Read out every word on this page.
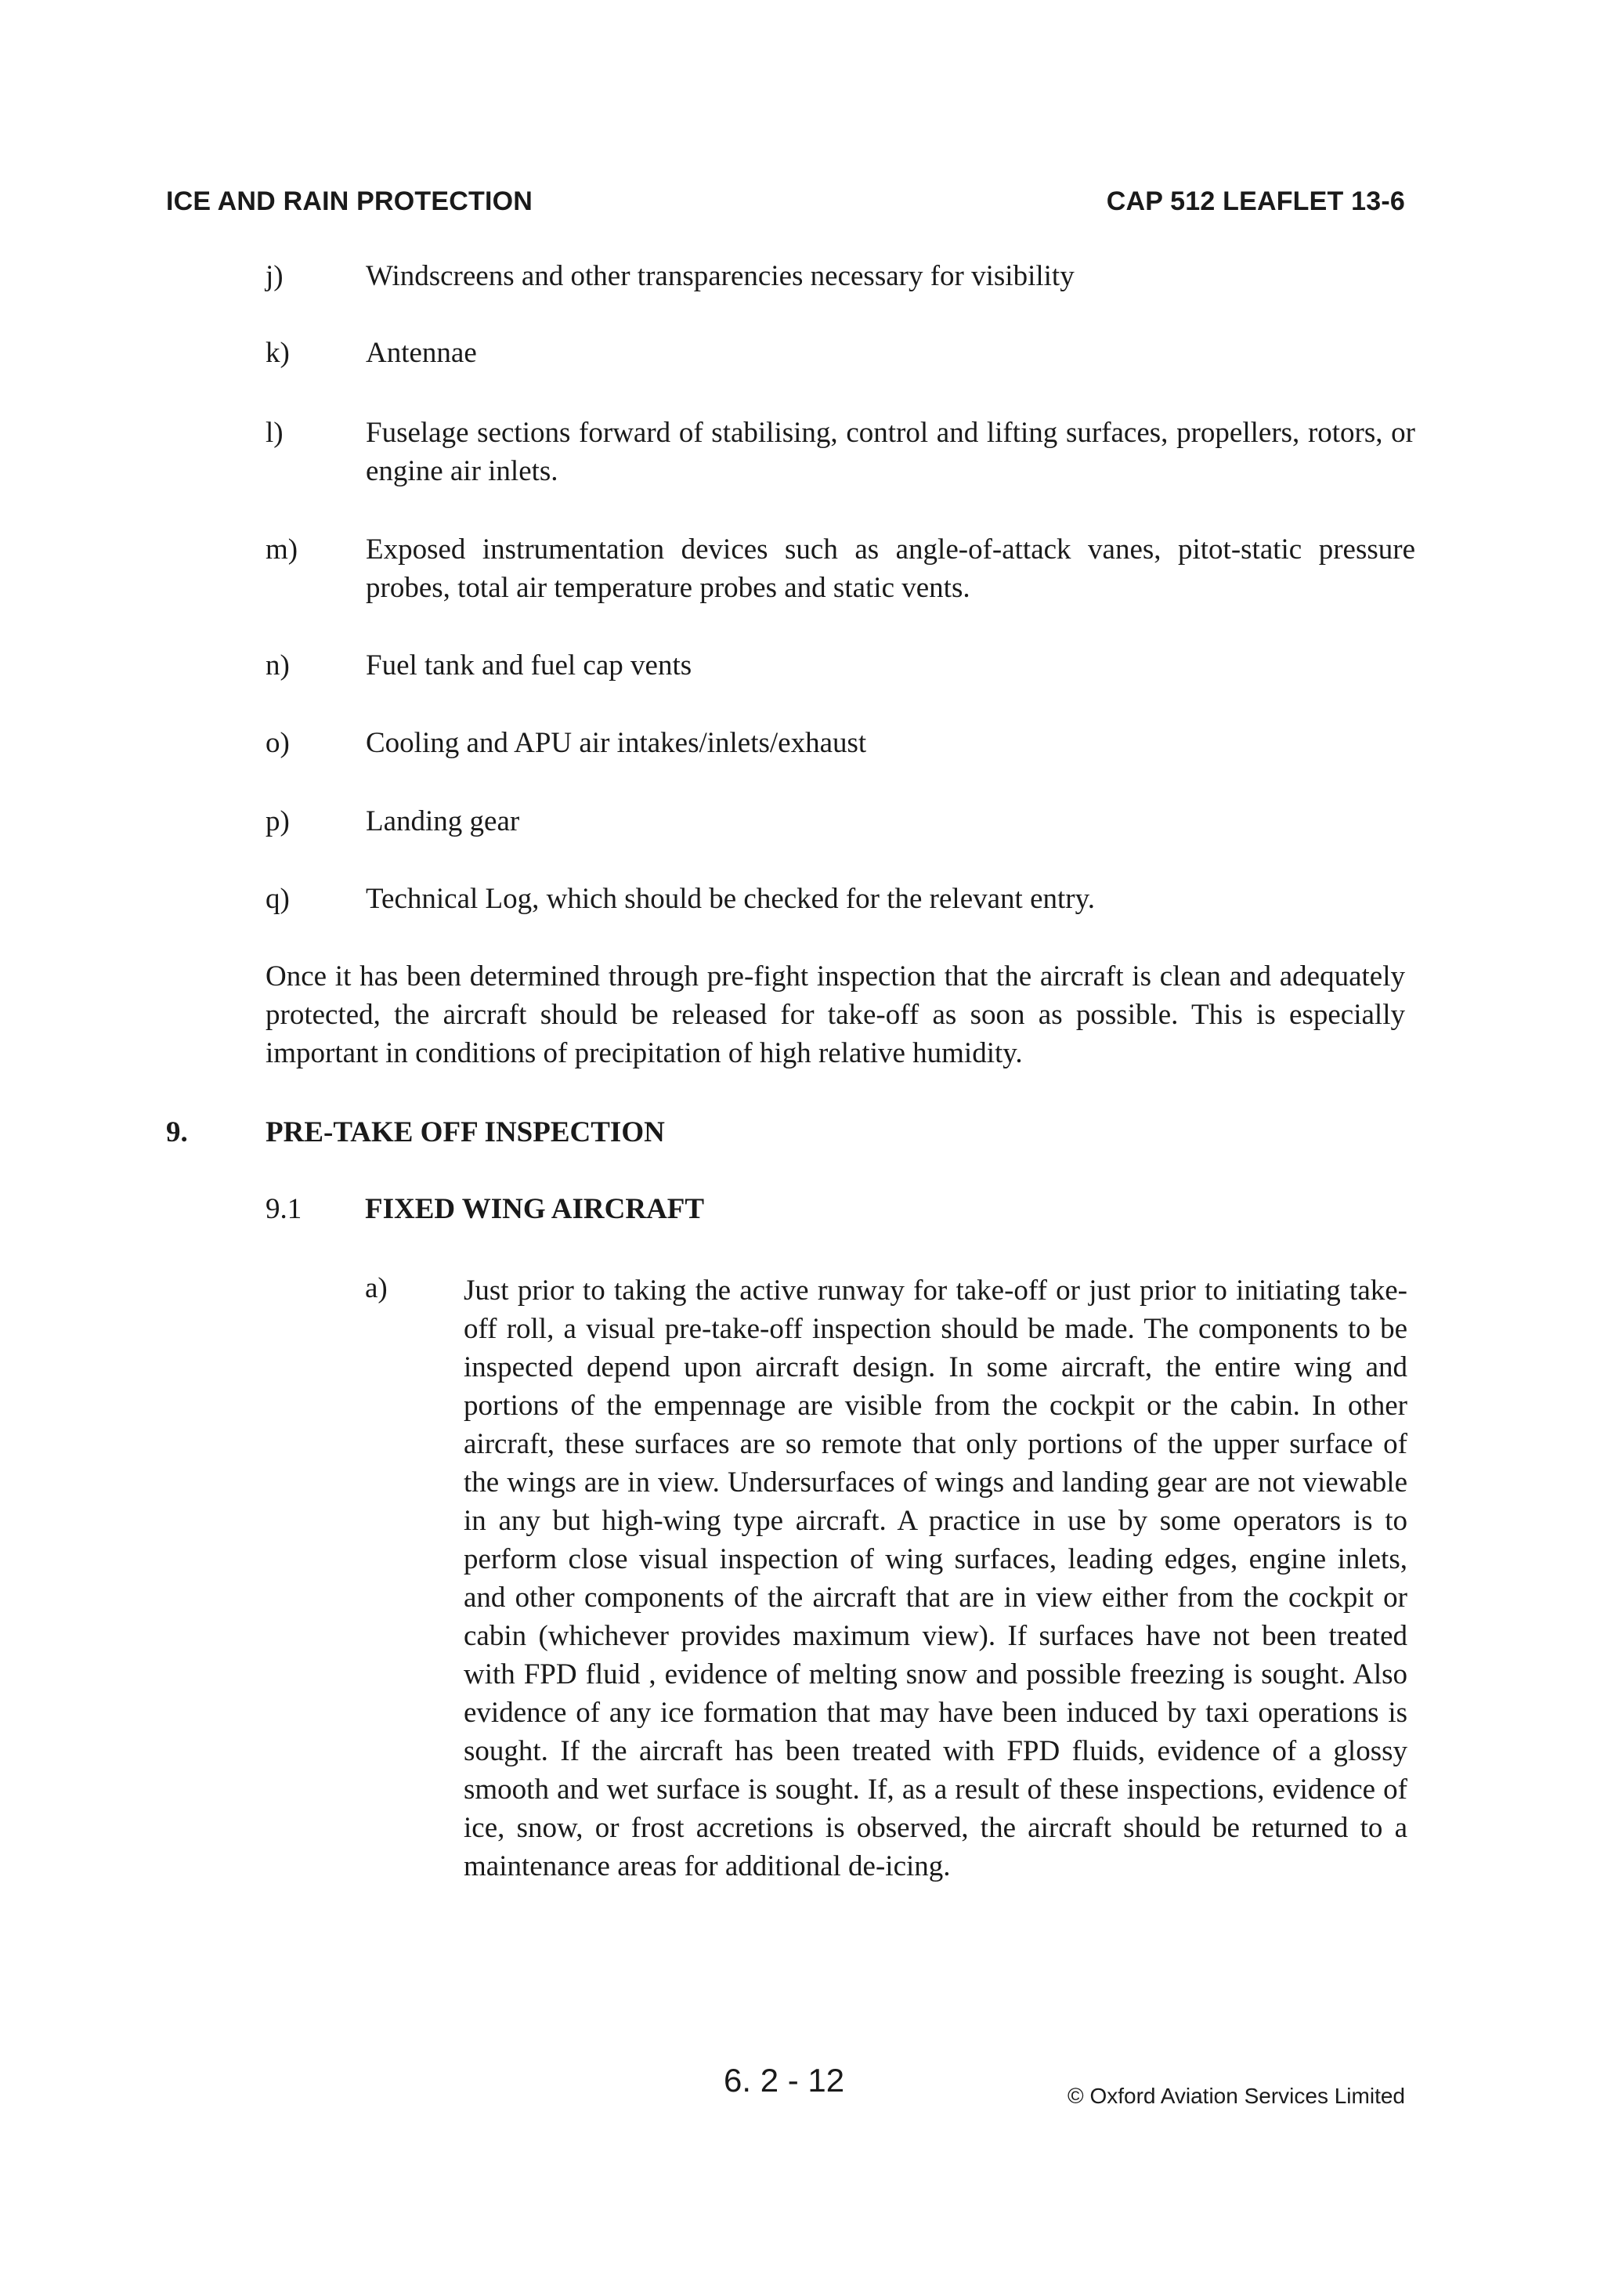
ICE AND RAIN PROTECTION	CAP 512 LEAFLET 13-6
j)	Windscreens and other transparencies necessary for visibility
k)	Antennae
l)	Fuselage sections forward of stabilising, control and lifting surfaces, propellers, rotors, or engine air inlets.
m) Exposed instrumentation devices such as angle-of-attack vanes, pitot-static pressure probes, total air temperature probes and static vents.
n)	Fuel tank and fuel cap vents
o)	Cooling and APU air intakes/inlets/exhaust
p)	Landing gear
q)	Technical Log, which should be checked for the relevant entry.
Once it has been determined through pre-fight inspection that the aircraft is clean and adequately protected, the aircraft should be released for take-off as soon as possible. This is especially important in conditions of precipitation of high relative humidity.
9.	PRE-TAKE OFF INSPECTION
9.1 FIXED WING AIRCRAFT
a)	Just prior to taking the active runway for take-off or just prior to initiating take-off roll, a visual pre-take-off inspection should be made. The components to be inspected depend upon aircraft design. In some aircraft, the entire wing and portions of the empennage are visible from the cockpit or the cabin. In other aircraft, these surfaces are so remote that only portions of the upper surface of the wings are in view. Undersurfaces of wings and landing gear are not viewable in any but high-wing type aircraft. A practice in use by some operators is to perform close visual inspection of wing surfaces, leading edges, engine inlets, and other components of the aircraft that are in view either from the cockpit or cabin (whichever provides maximum view). If surfaces have not been treated with FPD fluid , evidence of melting snow and possible freezing is sought. Also evidence of any ice formation that may have been induced by taxi operations is sought. If the aircraft has been treated with FPD fluids, evidence of a glossy smooth and wet surface is sought. If, as a result of these inspections, evidence of ice, snow, or frost accretions is observed, the aircraft should be returned to a maintenance areas for additional de-icing.
6. 2 - 12	© Oxford Aviation Services Limited
